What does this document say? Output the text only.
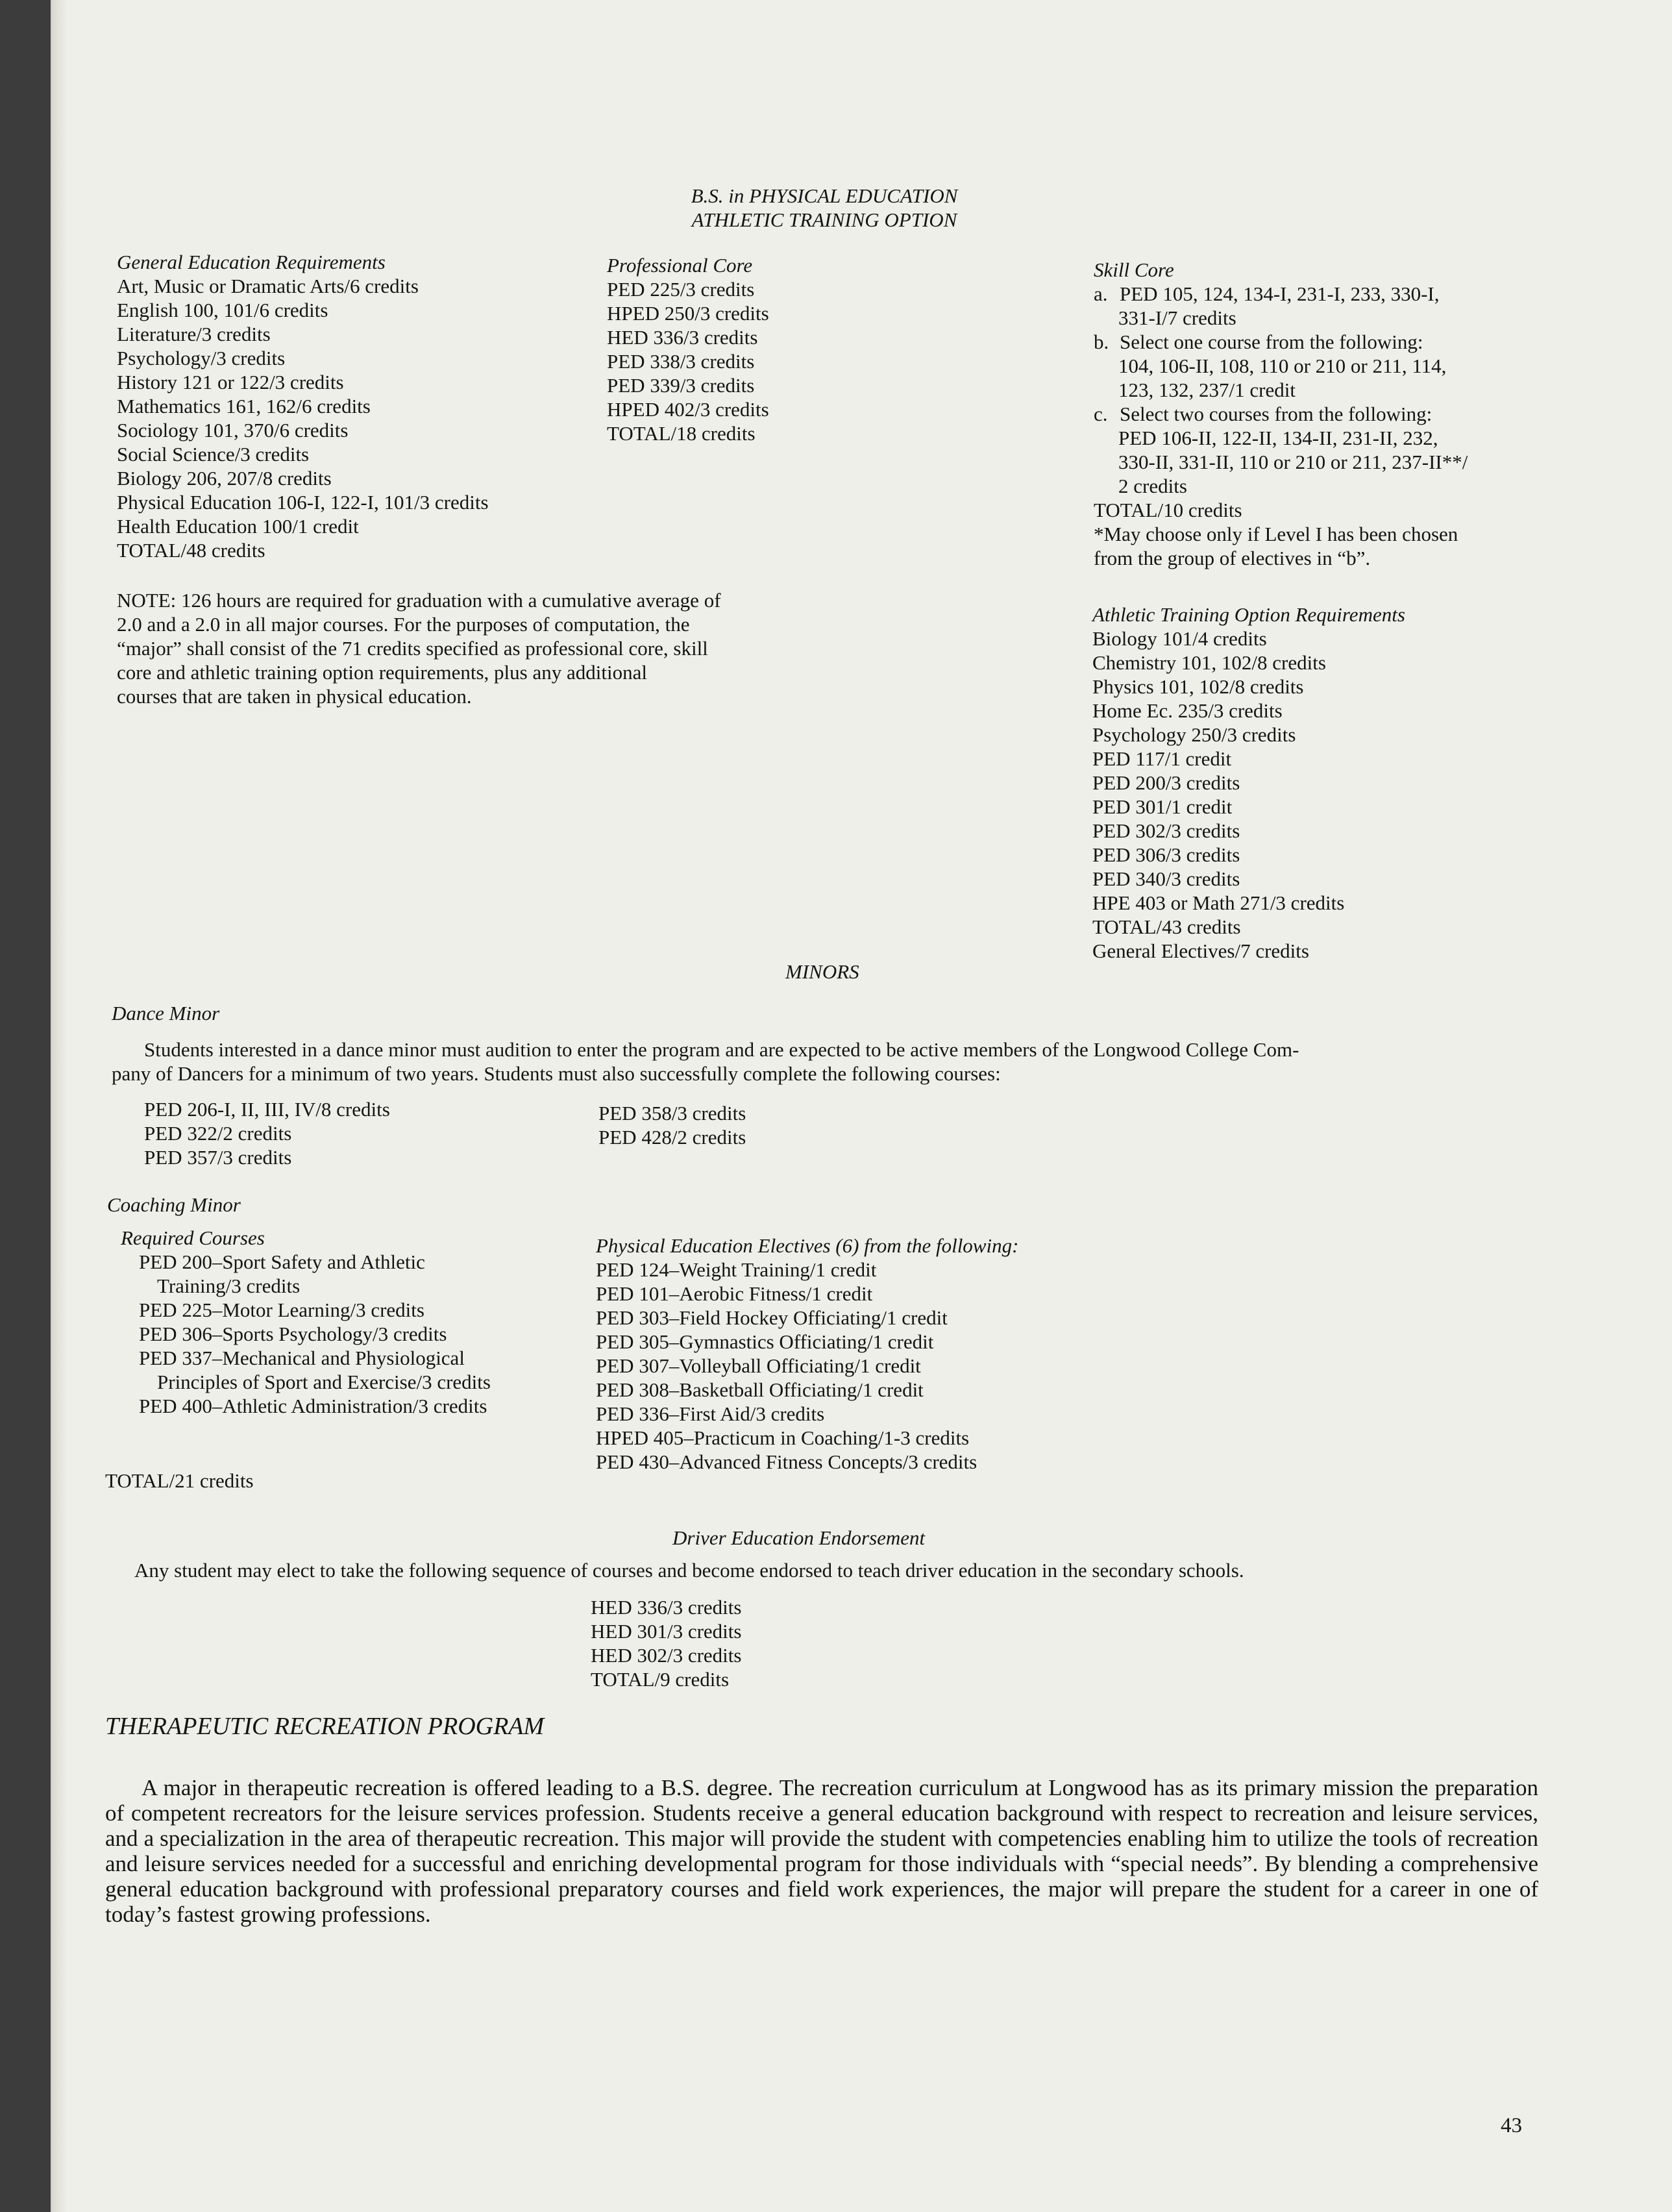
B.S. in PHYSICAL EDUCATION
ATHLETIC TRAINING OPTION
General Education Requirements
Art, Music or Dramatic Arts/6 credits
English 100, 101/6 credits
Literature/3 credits
Psychology/3 credits
History 121 or 122/3 credits
Mathematics 161, 162/6 credits
Sociology 101, 370/6 credits
Social Science/3 credits
Biology 206, 207/8 credits
Physical Education 106-I, 122-I, 101/3 credits
Health Education 100/1 credit
TOTAL/48 credits
Professional Core
PED 225/3 credits
HPED 250/3 credits
HED 336/3 credits
PED 338/3 credits
PED 339/3 credits
HPED 402/3 credits
TOTAL/18 credits
Skill Core
a. PED 105, 124, 134-I, 231-I, 233, 330-I,
331-I/7 credits
b. Select one course from the following:
104, 106-II, 108, 110 or 210 or 211, 114,
123, 132, 237/1 credit
c. Select two courses from the following:
PED 106-II, 122-II, 134-II, 231-II, 232,
330-II, 331-II, 110 or 210 or 211, 237-II**/
2 credits
TOTAL/10 credits
*May choose only if Level I has been chosen
from the group of electives in “b”.
NOTE: 126 hours are required for graduation with a cumulative average of
2.0 and a 2.0 in all major courses. For the purposes of computation, the
“major” shall consist of the 71 credits specified as professional core, skill
core and athletic training option requirements, plus any additional
courses that are taken in physical education.
Athletic Training Option Requirements
Biology 101/4 credits
Chemistry 101, 102/8 credits
Physics 101, 102/8 credits
Home Ec. 235/3 credits
Psychology 250/3 credits
PED 117/1 credit
PED 200/3 credits
PED 301/1 credit
PED 302/3 credits
PED 306/3 credits
PED 340/3 credits
HPE 403 or Math 271/3 credits
TOTAL/43 credits
General Electives/7 credits
MINORS
Dance Minor
Students interested in a dance minor must audition to enter the program and are expected to be active members of the Longwood College Com-
pany of Dancers for a minimum of two years. Students must also successfully complete the following courses:
PED 206-I, II, III, IV/8 credits
PED 322/2 credits
PED 357/3 credits
PED 358/3 credits
PED 428/2 credits
Coaching Minor
Required Courses
PED 200–Sport Safety and Athletic
Training/3 credits
PED 225–Motor Learning/3 credits
PED 306–Sports Psychology/3 credits
PED 337–Mechanical and Physiological
Principles of Sport and Exercise/3 credits
PED 400–Athletic Administration/3 credits
TOTAL/21 credits
Physical Education Electives (6) from the following:
PED 124–Weight Training/1 credit
PED 101–Aerobic Fitness/1 credit
PED 303–Field Hockey Officiating/1 credit
PED 305–Gymnastics Officiating/1 credit
PED 307–Volleyball Officiating/1 credit
PED 308–Basketball Officiating/1 credit
PED 336–First Aid/3 credits
HPED 405–Practicum in Coaching/1-3 credits
PED 430–Advanced Fitness Concepts/3 credits
Driver Education Endorsement
Any student may elect to take the following sequence of courses and become endorsed to teach driver education in the secondary schools.
HED 336/3 credits
HED 301/3 credits
HED 302/3 credits
TOTAL/9 credits
THERAPEUTIC RECREATION PROGRAM
A major in therapeutic recreation is offered leading to a B.S. degree. The recreation curriculum at Longwood has as its primary mission the preparation of competent recreators for the leisure services profession. Students receive a general education background with respect to recreation and leisure services, and a specialization in the area of therapeutic recreation. This major will provide the student with competencies enabling him to utilize the tools of recreation and leisure services needed for a successful and enriching developmental program for those individuals with “special needs”. By blending a comprehensive general education background with professional preparatory courses and field work experiences, the major will prepare the student for a career in one of today’s fastest growing professions.
43
